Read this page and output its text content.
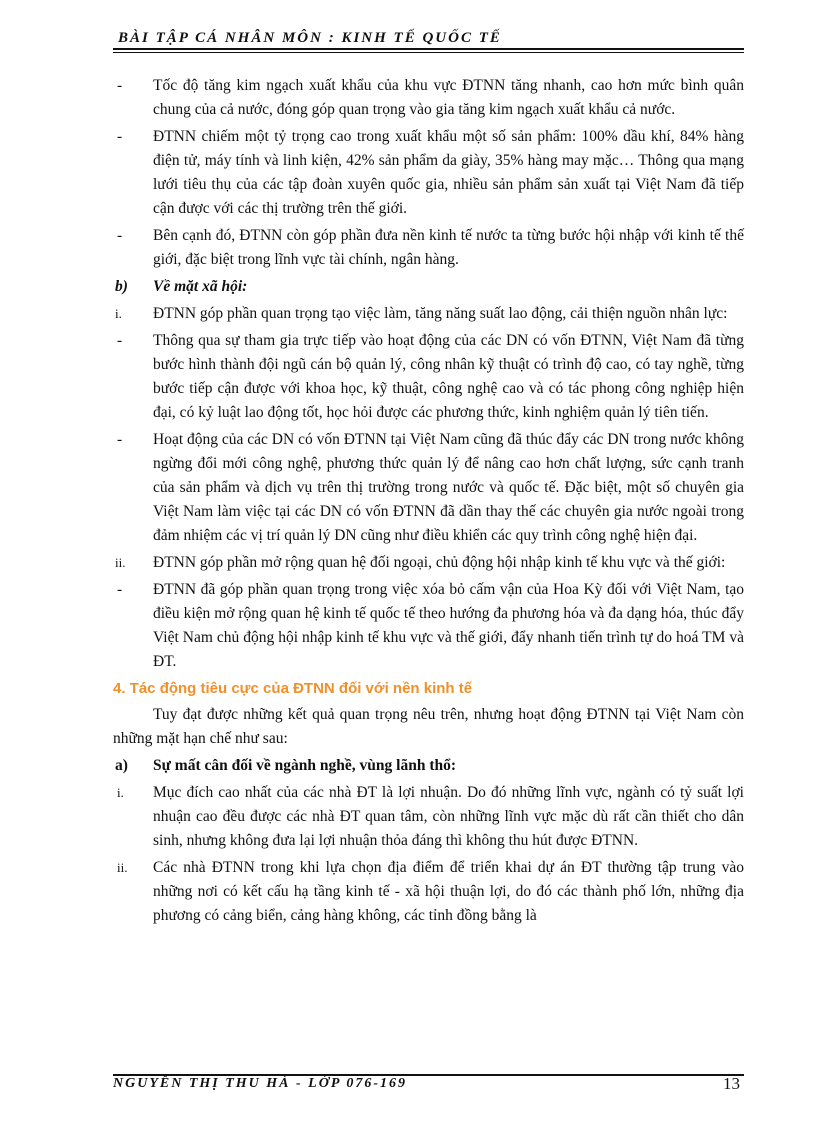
BÀI TẬP CÁ NHÂN MÔN : KINH TẾ QUỐC TẾ
- Tốc độ tăng kim ngạch xuất khẩu của khu vực ĐTNN tăng nhanh, cao hơn mức bình quân chung của cả nước, đóng góp quan trọng vào gia tăng kim ngạch xuất khẩu cả nước.
- ĐTNN chiếm một tỷ trọng cao trong xuất khẩu một số sản phẩm: 100% dầu khí, 84% hàng điện tử, máy tính và linh kiện, 42% sản phẩm da giày, 35% hàng may mặc… Thông qua mạng lưới tiêu thụ của các tập đoàn xuyên quốc gia, nhiều sản phẩm sản xuất tại Việt Nam đã tiếp cận được với các thị trường trên thế giới.
- Bên cạnh đó, ĐTNN còn góp phần đưa nền kinh tế nước ta từng bước hội nhập với kinh tế thế giới, đặc biệt trong lĩnh vực tài chính, ngân hàng.
b) Về mặt xã hội:
i. ĐTNN góp phần quan trọng tạo việc làm, tăng năng suất lao động, cải thiện nguồn nhân lực:
- Thông qua sự tham gia trực tiếp vào hoạt động của các DN có vốn ĐTNN, Việt Nam đã từng bước hình thành đội ngũ cán bộ quản lý, công nhân kỹ thuật có trình độ cao, có tay nghề, từng bước tiếp cận được với khoa học, kỹ thuật, công nghệ cao và có tác phong công nghiệp hiện đại, có kỷ luật lao động tốt, học hỏi được các phương thức, kinh nghiệm quản lý tiên tiến.
- Hoạt động của các DN có vốn ĐTNN tại Việt Nam cũng đã thúc đẩy các DN trong nước không ngừng đổi mới công nghệ, phương thức quản lý để nâng cao hơn chất lượng, sức cạnh tranh của sản phẩm và dịch vụ trên thị trường trong nước và quốc tế. Đặc biệt, một số chuyên gia Việt Nam làm việc tại các DN có vốn ĐTNN đã dần thay thế các chuyên gia nước ngoài trong đảm nhiệm các vị trí quản lý DN cũng như điều khiển các quy trình công nghệ hiện đại.
ii. ĐTNN góp phần mở rộng quan hệ đối ngoại, chủ động hội nhập kinh tế khu vực và thế giới:
- ĐTNN đã góp phần quan trọng trong việc xóa bỏ cấm vận của Hoa Kỳ đối với Việt Nam, tạo điều kiện mở rộng quan hệ kinh tế quốc tế theo hướng đa phương hóa và đa dạng hóa, thúc đẩy Việt Nam chủ động hội nhập kinh tế khu vực và thế giới, đẩy nhanh tiến trình tự do hoá TM và ĐT.
4. Tác động tiêu cực của ĐTNN đối với nền kinh tế
Tuy đạt được những kết quả quan trọng nêu trên, nhưng hoạt động ĐTNN tại Việt Nam còn những mặt hạn chế như sau:
a) Sự mất cân đối về ngành nghề, vùng lãnh thổ:
i. Mục đích cao nhất của các nhà ĐT là lợi nhuận. Do đó những lĩnh vực, ngành có tỷ suất lợi nhuận cao đều được các nhà ĐT quan tâm, còn những lĩnh vực mặc dù rất cần thiết cho dân sinh, nhưng không đưa lại lợi nhuận thỏa đáng thì không thu hút được ĐTNN.
ii. Các nhà ĐTNN trong khi lựa chọn địa điểm để triển khai dự án ĐT thường tập trung vào những nơi có kết cấu hạ tầng kinh tế - xã hội thuận lợi, do đó các thành phố lớn, những địa phương có cảng biển, cảng hàng không, các tỉnh đồng bằng là
NGUYỄN THỊ THU HÀ - LỚP 076-169	13
